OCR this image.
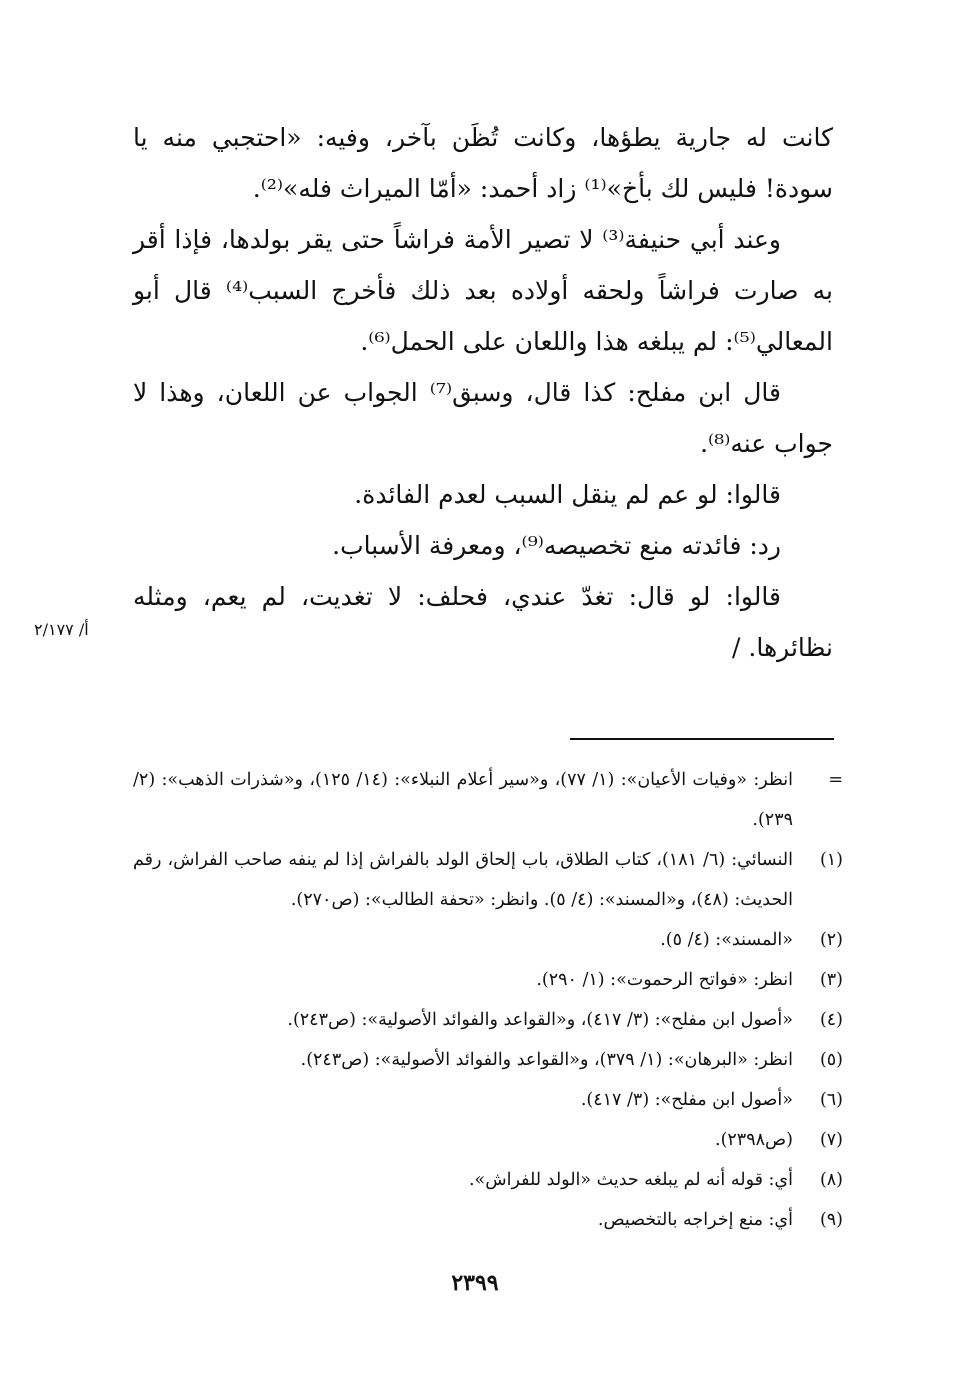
كانت له جارية يطؤها، وكانت تُظَن بآخر، وفيه: «احتجبي منه يا سودة! فليس لك بأخ»⁽¹⁾ زاد أحمد: «أمّا الميراث فله»⁽²⁾.

وعند أبي حنيفة⁽³⁾ لا تصير الأمة فراشاً حتى يقر بولدها، فإذا أقر به صارت فراشاً ولحقه أولاده بعد ذلك فأخرج السبب⁽⁴⁾ قال أبو المعالي⁽⁵⁾: لم يبلغه هذا واللعان على الحمل⁽⁶⁾.

قال ابن مفلح: كذا قال، وسبق⁽⁷⁾ الجواب عن اللعان، وهذا لا جواب عنه⁽⁸⁾.

قالوا: لو عم لم ينقل السبب لعدم الفائدة.

رد: فائدته منع تخصيصه⁽⁹⁾، ومعرفة الأسباب.

قالوا: لو قال: تغدّ عندي، فحلف: لا تغديت، لم يعم، ومثله نظائرها. /

أ/ ٢/١٧٧
=
انظر: «وفيات الأعيان»: (١/ ٧٧)، و«سير أعلام النبلاء»: (١٤/ ١٢٥)، و«شذرات الذهب»: (٢/ ٢٣٩).
(١)
النسائي: (٦/ ١٨١)، كتاب الطلاق، باب إلحاق الولد بالفراش إذا لم ينفه صاحب الفراش، رقم الحديث: (٤٨)، و«المسند»: (٤/ ٥). وانظر: «تحفة الطالب»: (ص٢٧٠).
(٢)
«المسند»: (٤/ ٥).
(٣)
انظر: «فواتح الرحموت»: (١/ ٢٩٠).
(٤)
«أصول ابن مفلح»: (٣/ ٤١٧)، و«القواعد والفوائد الأصولية»: (ص٢٤٣).
(٥)
انظر: «البرهان»: (١/ ٣٧٩)، و«القواعد والفوائد الأصولية»: (ص٢٤٣).
(٦)
«أصول ابن مفلح»: (٣/ ٤١٧).
(٧)
(ص٢٣٩٨).
(٨)
أي: قوله أنه لم يبلغه حديث «الولد للفراش».
(٩)
أي: منع إخراجه بالتخصيص.
٢٣٩٩
